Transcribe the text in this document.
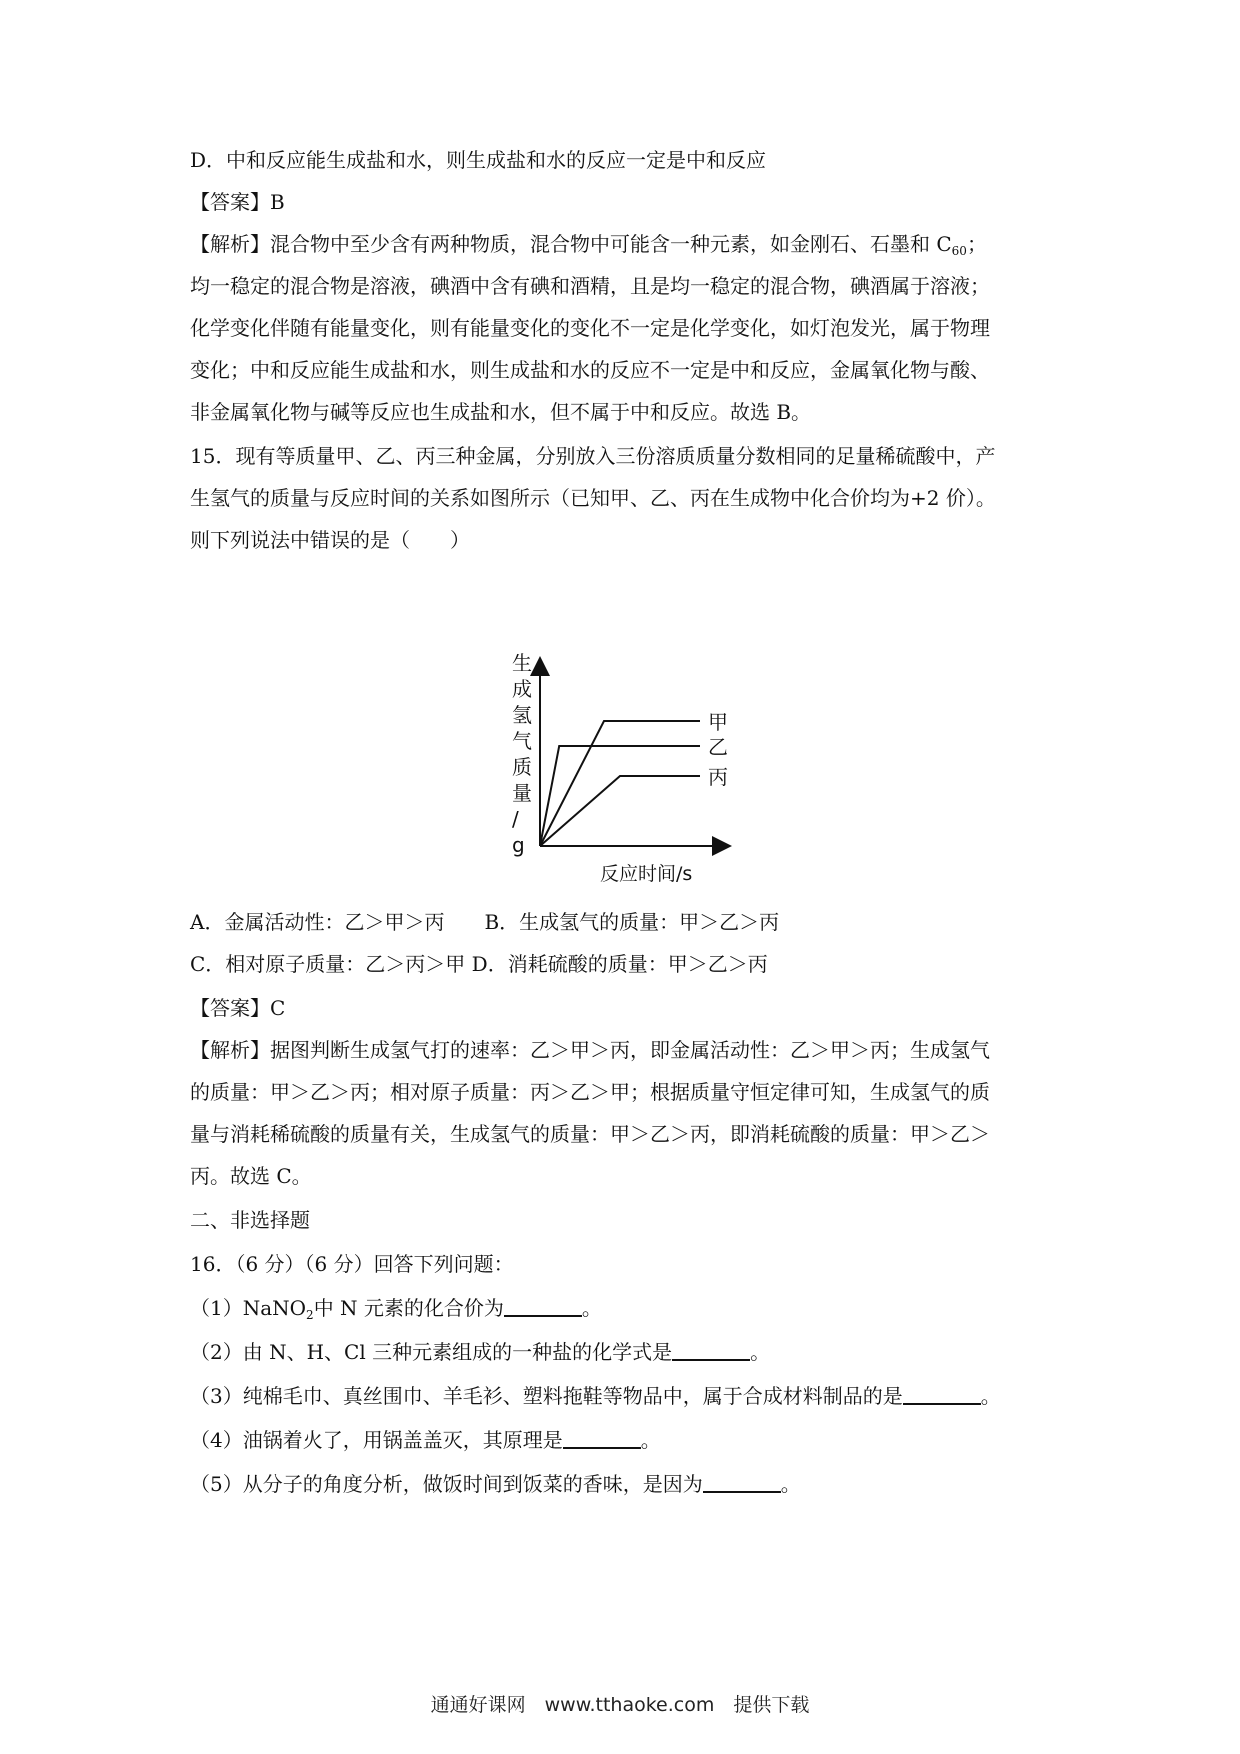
D．中和反应能生成盐和水，则生成盐和水的反应一定是中和反应
【答案】B
【解析】混合物中至少含有两种物质，混合物中可能含一种元素，如金刚石、石墨和 $C_{60}$；
均一稳定的混合物是溶液，碘酒中含有碘和酒精，且是均一稳定的混合物，碘酒属于溶液；
化学变化伴随有能量变化，则有能量变化的变化不一定是化学变化，如灯泡发光，属于物理
变化；中和反应能生成盐和水，则生成盐和水的反应不一定是中和反应，金属氧化物与酸、
非金属氧化物与碱等反应也生成盐和水，但不属于中和反应。故选 B。
15．现有等质量甲、乙、丙三种金属，分别放入三份溶质质量分数相同的足量稀硫酸中，产
生氢气的质量与反应时间的关系如图所示（已知甲、乙、丙在生成物中化合价均为+2 价）。
则下列说法中错误的是（　　）
生成氢气质量/ g
反应时间/s
甲
乙
丙
A．金属活动性：乙＞甲＞丙　　B．生成氢气的质量：甲＞乙＞丙
C．相对原子质量：乙＞丙＞甲 D．消耗硫酸的质量：甲＞乙＞丙
【答案】C
【解析】据图判断生成氢气打的速率：乙＞甲＞丙，即金属活动性：乙＞甲＞丙；生成氢气
的质量：甲＞乙＞丙；相对原子质量：丙＞乙＞甲；根据质量守恒定律可知，生成氢气的质
量与消耗稀硫酸的质量有关，生成氢气的质量：甲＞乙＞丙，即消耗硫酸的质量：甲＞乙＞
丙。故选 C。
二、非选择题
16．（6 分）（6 分）回答下列问题：
（1）NaNO$_2$中 N 元素的化合价为	。
（2）由 N、H、Cl 三种元素组成的一种盐的化学式是	。
（3）纯棉毛巾、真丝围巾、羊毛衫、塑料拖鞋等物品中，属于合成材料制品的是	。
（4）油锅着火了，用锅盖盖灭，其原理是	。
（5）从分子的角度分析，做饭时间到饭菜的香味，是因为	。
通通好课网　www.tthaoke.com　提供下载
